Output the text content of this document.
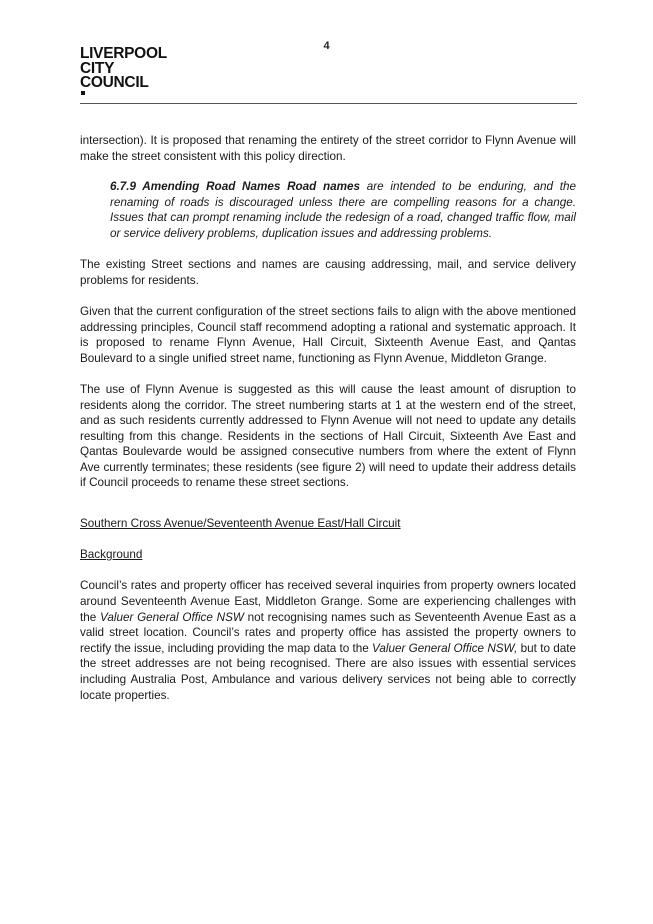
LIVERPOOL
CITY
COUNCIL
4

intersection). It is proposed that renaming the entirety of the street corridor to Flynn Avenue will make the street consistent with this policy direction.

6.7.9 Amending Road Names Road names are intended to be enduring, and the renaming of roads is discouraged unless there are compelling reasons for a change. Issues that can prompt renaming include the redesign of a road, changed traffic flow, mail or service delivery problems, duplication issues and addressing problems.

The existing Street sections and names are causing addressing, mail, and service delivery problems for residents.

Given that the current configuration of the street sections fails to align with the above mentioned addressing principles, Council staff recommend adopting a rational and systematic approach. It is proposed to rename Flynn Avenue, Hall Circuit, Sixteenth Avenue East, and Qantas Boulevard to a single unified street name, functioning as Flynn Avenue, Middleton Grange.

The use of Flynn Avenue is suggested as this will cause the least amount of disruption to residents along the corridor. The street numbering starts at 1 at the western end of the street, and as such residents currently addressed to Flynn Avenue will not need to update any details resulting from this change. Residents in the sections of Hall Circuit, Sixteenth Ave East and Qantas Boulevarde would be assigned consecutive numbers from where the extent of Flynn Ave currently terminates; these residents (see figure 2) will need to update their address details if Council proceeds to rename these street sections.

Southern Cross Avenue/Seventeenth Avenue East/Hall Circuit

Background

Council’s rates and property officer has received several inquiries from property owners located around Seventeenth Avenue East, Middleton Grange. Some are experiencing challenges with the Valuer General Office NSW not recognising names such as Seventeenth Avenue East as a valid street location. Council’s rates and property office has assisted the property owners to rectify the issue, including providing the map data to the Valuer General Office NSW, but to date the street addresses are not being recognised. There are also issues with essential services including Australia Post, Ambulance and various delivery services not being able to correctly locate properties.
